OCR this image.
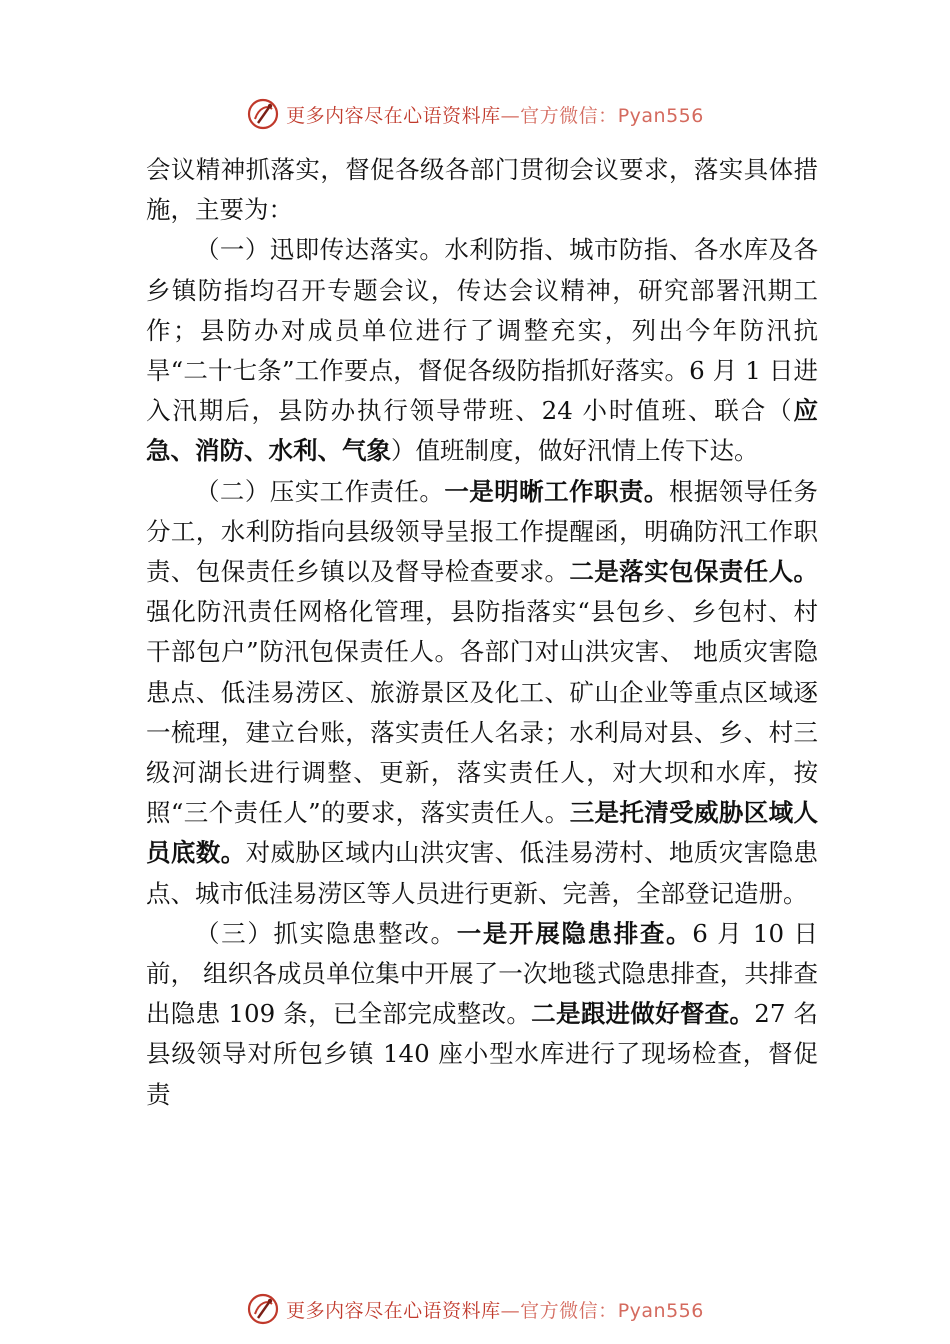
更多内容尽在心语资料库—官方微信：Pyan556

会议精神抓落实，督促各级各部门贯彻会议要求，落实具体措施，主要为：

（一）迅即传达落实。水利防指、城市防指、各水库及各乡镇防指均召开专题会议，传达会议精神，研究部署汛期工作；县防办对成员单位进行了调整充实，列出今年防汛抗旱“二十七条”工作要点，督促各级防指抓好落实。6 月 1 日进入汛期后，县防办执行领导带班、24 小时值班、联合（应急、消防、水利、气象）值班制度，做好汛情上传下达。

（二）压实工作责任。一是明晰工作职责。根据领导任务分工，水利防指向县级领导呈报工作提醒函，明确防汛工作职责、包保责任乡镇以及督导检查要求。二是落实包保责任人。强化防汛责任网格化管理，县防指落实“县包乡、乡包村、村干部包户”防汛包保责任人。各部门对山洪灾害、 地质灾害隐患点、低洼易涝区、旅游景区及化工、矿山企业等重点区域逐一梳理，建立台账，落实责任人名录；水利局对县、乡、村三级河湖长进行调整、更新，落实责任人，对大坝和水库，按照“三个责任人”的要求，落实责任人。三是托清受威胁区域人员底数。对威胁区域内山洪灾害、低洼易涝村、地质灾害隐患点、城市低洼易涝区等人员进行更新、完善，全部登记造册。

（三）抓实隐患整改。一是开展隐患排查。6 月 10 日前， 组织各成员单位集中开展了一次地毯式隐患排查，共排查出隐患 109 条，已全部完成整改。二是跟进做好督查。27 名县级领导对所包乡镇 140 座小型水库进行了现场检查，督促责

更多内容尽在心语资料库—官方微信：Pyan556
